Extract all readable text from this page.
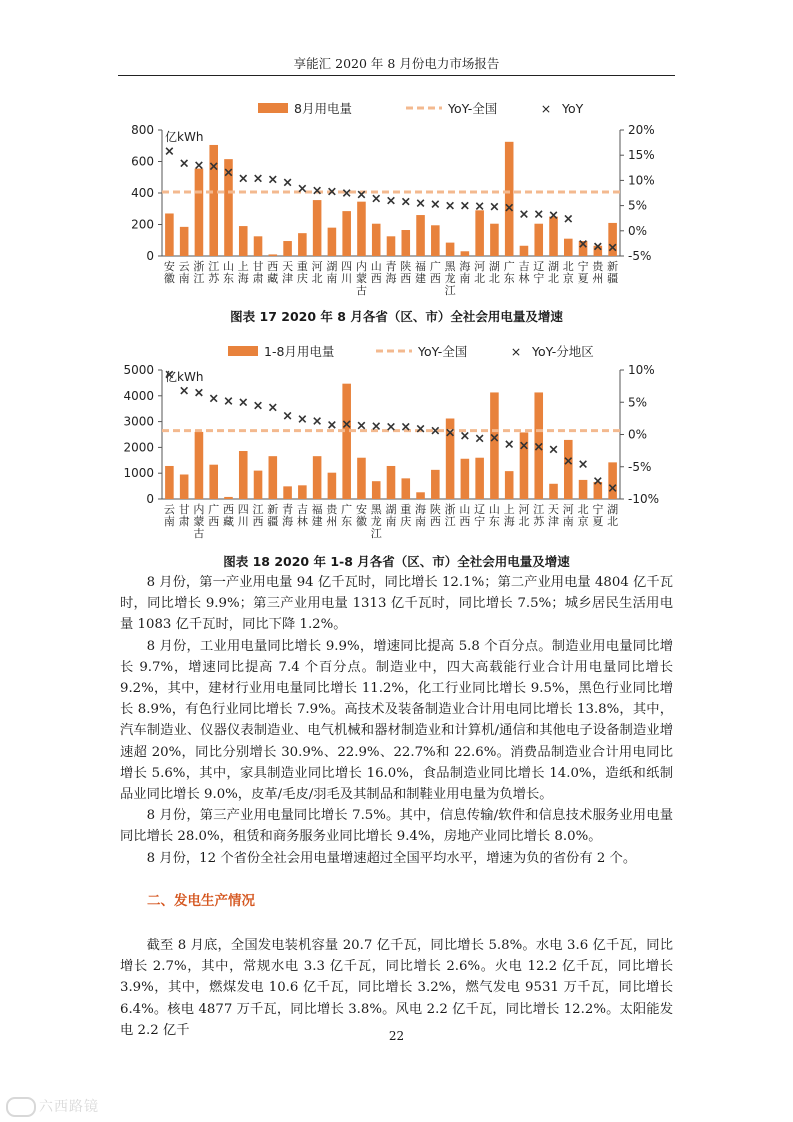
享能汇 2020 年 8 月份电力市场报告
8月用电量	YoY-全国	× YoY
0
200
400
600
800
-5%
0%
5%
10%
15%
20%
亿kWh
安徽
云南
浙江
江苏
山东
上海
甘肃
西藏
天津
重庆
河北
湖南
四川
内蒙古
山西
青海
陕西
福建
广西
黑龙江
海南
河北
湖北
广东
吉林
辽宁
湖北
北京
宁夏
贵州
新疆
图表 17 2020 年 8 月各省（区、市）全社会用电量及增速
1-8月用电量	YoY-全国	× YoY-分地区
0
1000
2000
3000
4000
5000
-10%
-5%
0%
5%
10%
亿kWh
云南
甘肃
内蒙古
广西
西藏
四川
江西
新疆
青海
吉林
福建
贵州
广东
安徽
黑龙江
湖南
重庆
海南
陕西
浙江
山西
辽宁
山东
上海
河北
江苏
天津
河南
北京
宁夏
湖北
图表 18 2020 年 1-8 月各省（区、市）全社会用电量及增速

8 月份，第一产业用电量 94 亿千瓦时，同比增长 12.1%；第二产业用电量 4804 亿千瓦时，同比增长 9.9%；第三产业用电量 1313 亿千瓦时，同比增长 7.5%；城乡居民生活用电量 1083 亿千瓦时，同比下降 1.2%。

8 月份，工业用电量同比增长 9.9%，增速同比提高 5.8 个百分点。制造业用电量同比增长 9.7%，增速同比提高 7.4 个百分点。制造业中，四大高载能行业合计用电量同比增长 9.2%，其中，建材行业用电量同比增长 11.2%，化工行业同比增长 9.5%，黑色行业同比增长 8.9%，有色行业同比增长 7.9%。高技术及装备制造业合计用电同比增长 13.8%，其中，汽车制造业、仪器仪表制造业、电气机械和器材制造业和计算机/通信和其他电子设备制造业增速超 20%，同比分别增长 30.9%、22.9%、22.7%和 22.6%。消费品制造业合计用电同比增长 5.6%，其中，家具制造业同比增长 16.0%，食品制造业同比增长 14.0%，造纸和纸制品业同比增长 9.0%，皮革/毛皮/羽毛及其制品和制鞋业用电量为负增长。

8 月份，第三产业用电量同比增长 7.5%。其中，信息传输/软件和信息技术服务业用电量同比增长 28.0%，租赁和商务服务业同比增长 9.4%，房地产业同比增长 8.0%。

8 月份，12 个省份全社会用电量增速超过全国平均水平，增速为负的省份有 2 个。

二、发电生产情况

截至 8 月底，全国发电装机容量 20.7 亿千瓦，同比增长 5.8%。水电 3.6 亿千瓦，同比增长 2.7%，其中，常规水电 3.3 亿千瓦，同比增长 2.6%。火电 12.2 亿千瓦，同比增长 3.9%，其中，燃煤发电 10.6 亿千瓦，同比增长 3.2%，燃气发电 9531 万千瓦，同比增长 6.4%。核电 4877 万千瓦，同比增长 3.8%。风电 2.2 亿千瓦，同比增长 12.2%。太阳能发电 2.2 亿千	22
六西路镜
